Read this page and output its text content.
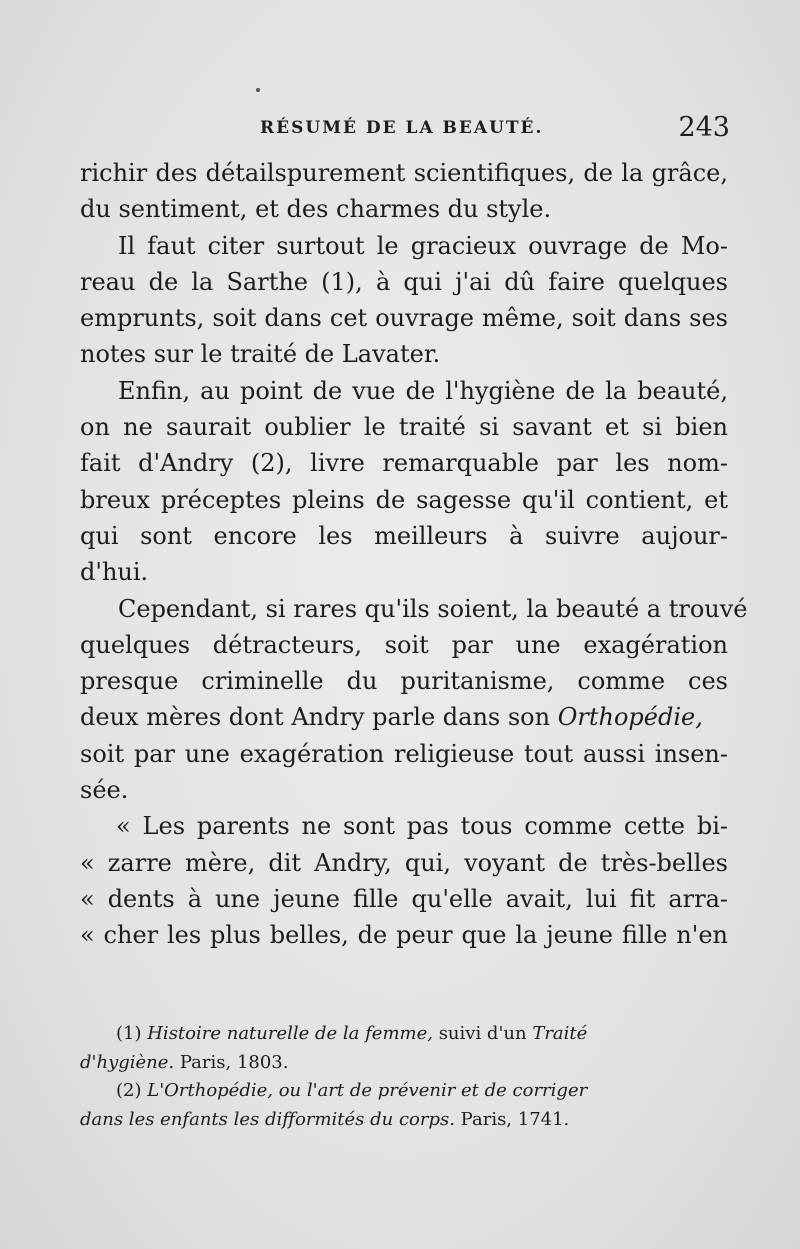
RÉSUMÉ DE LA BEAUTÉ.	243
richir des détailspurement scientifiques, de la grâce,
du sentiment, et des charmes du style.
Il faut citer surtout le gracieux ouvrage de Mo-
reau de la Sarthe (1), à qui j'ai dû faire quelques
emprunts, soit dans cet ouvrage même, soit dans ses
notes sur le traité de Lavater.
Enfin, au point de vue de l'hygiène de la beauté,
on ne saurait oublier le traité si savant et si bien
fait d'Andry (2), livre remarquable par les nom-
breux préceptes pleins de sagesse qu'il contient, et
qui sont encore les meilleurs à suivre aujour-
d'hui.
Cependant, si rares qu'ils soient, la beauté a trouvé
quelques détracteurs, soit par une exagération
presque criminelle du puritanisme, comme ces
deux mères dont Andry parle dans son Orthopédie,
soit par une exagération religieuse tout aussi insen-
sée.
« Les parents ne sont pas tous comme cette bi-
« zarre mère, dit Andry, qui, voyant de très-belles
« dents à une jeune fille qu'elle avait, lui fit arra-
« cher les plus belles, de peur que la jeune fille n'en
(1) Histoire naturelle de la femme, suivi d'un Traité
d'hygiène. Paris, 1803.
(2) L'Orthopédie, ou l'art de prévenir et de corriger
dans les enfants les difformités du corps. Paris, 1741.
